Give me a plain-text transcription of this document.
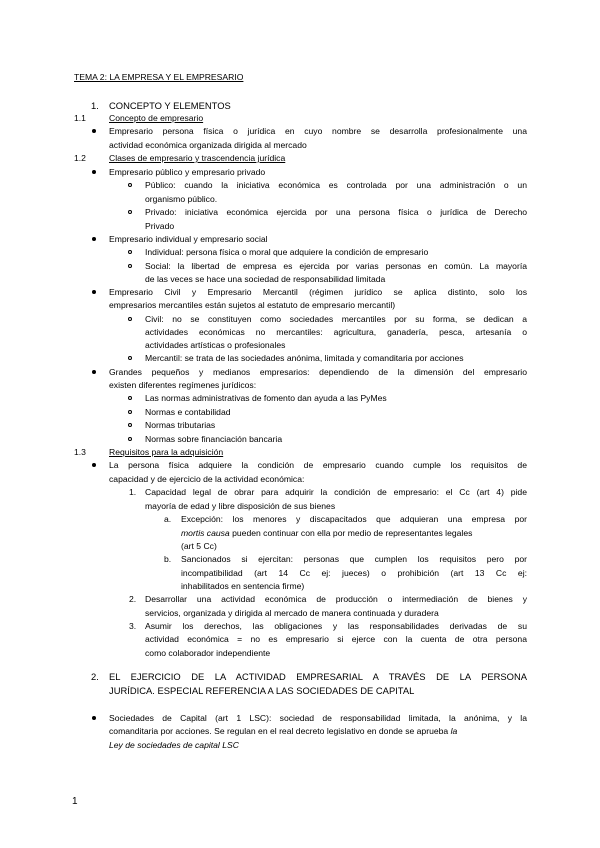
TEMA 2: LA EMPRESA Y EL EMPRESARIO
1. CONCEPTO Y ELEMENTOS
1.1	Concepto de empresario
Empresario persona física o jurídica en cuyo nombre se desarrolla profesionalmente una
actividad económica organizada dirigida al mercado
1.2	Clases de empresario y trascendencia jurídica
Empresario público y empresario privado
Público: cuando la iniciativa económica es controlada por una administración o un
organismo público.
Privado: iniciativa económica ejercida por una persona física o jurídica de Derecho
Privado
Empresario individual y empresario social
Individual: persona física o moral que adquiere la condición de empresario
Social: la libertad de empresa es ejercida por varias personas en común. La mayoría
de las veces se hace una sociedad de responsabilidad limitada
Empresario Civil y Empresario Mercantil (régimen jurídico se aplica distinto, solo los
empresarios mercantiles están sujetos al estatuto de empresario mercantil)
Civil: no se constituyen como sociedades mercantiles por su forma, se dedican a
actividades económicas no mercantiles: agricultura, ganadería, pesca, artesanía o
actividades artísticas o profesionales
Mercantil: se trata de las sociedades anónima, limitada y comanditaria por acciones
Grandes pequeños y medianos empresarios: dependiendo de la dimensión del empresario
existen diferentes regímenes jurídicos:
Las normas administrativas de fomento dan ayuda a las PyMes
Normas e contabilidad
Normas tributarias
Normas sobre financiación bancaria
1.3	Requisitos para la adquisición
La persona física adquiere la condición de empresario cuando cumple los requisitos de
capacidad y de ejercicio de la actividad económica:
1. Capacidad legal de obrar para adquirir la condición de empresario: el Cc (art 4) pide
mayoría de edad y libre disposición de sus bienes
a. Excepción: los menores y discapacitados que adquieran una empresa por
mortis causa pueden continuar con ella por medio de representantes legales
(art 5 Cc)
b. Sancionados si ejercitan: personas que cumplen los requisitos pero por
incompatibilidad (art 14 Cc ej: jueces) o prohibición (art 13 Cc ej:
inhabilitados en sentencia firme)
2. Desarrollar una actividad económica de producción o intermediación de bienes y
servicios, organizada y dirigida al mercado de manera continuada y duradera
3. Asumir los derechos, las obligaciones y las responsabilidades derivadas de su
actividad económica = no es empresario si ejerce con la cuenta de otra persona
como colaborador independiente
2. EL EJERCICIO DE LA ACTIVIDAD EMPRESARIAL A TRAVÉS DE LA PERSONA
JURÍDICA. ESPECIAL REFERENCIA A LAS SOCIEDADES DE CAPITAL
Sociedades de Capital (art 1 LSC): sociedad de responsabilidad limitada, la anónima, y la
comanditaria por acciones. Se regulan en el real decreto legislativo en donde se aprueba la
Ley de sociedades de capital LSC
1
